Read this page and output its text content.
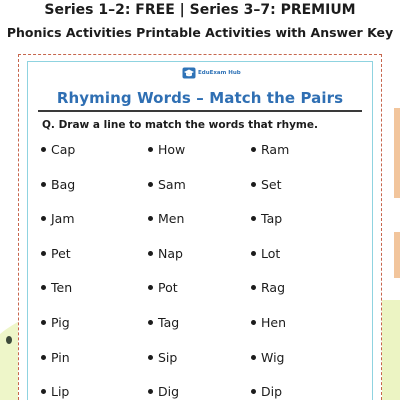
Series 1–2: FREE | Series 3–7: PREMIUM
Phonics Activities Printable Activities with Answer Key
EduExam Hub
Rhyming Words – Match the Pairs
Q. Draw a line to match the words that rhyme.
Cap
Bag
Jam
Pet
Ten
Pig
Pin
Lip
How
Sam
Men
Nap
Pot
Tag
Sip
Dig
Ram
Set
Tap
Lot
Rag
Hen
Wig
Dip
